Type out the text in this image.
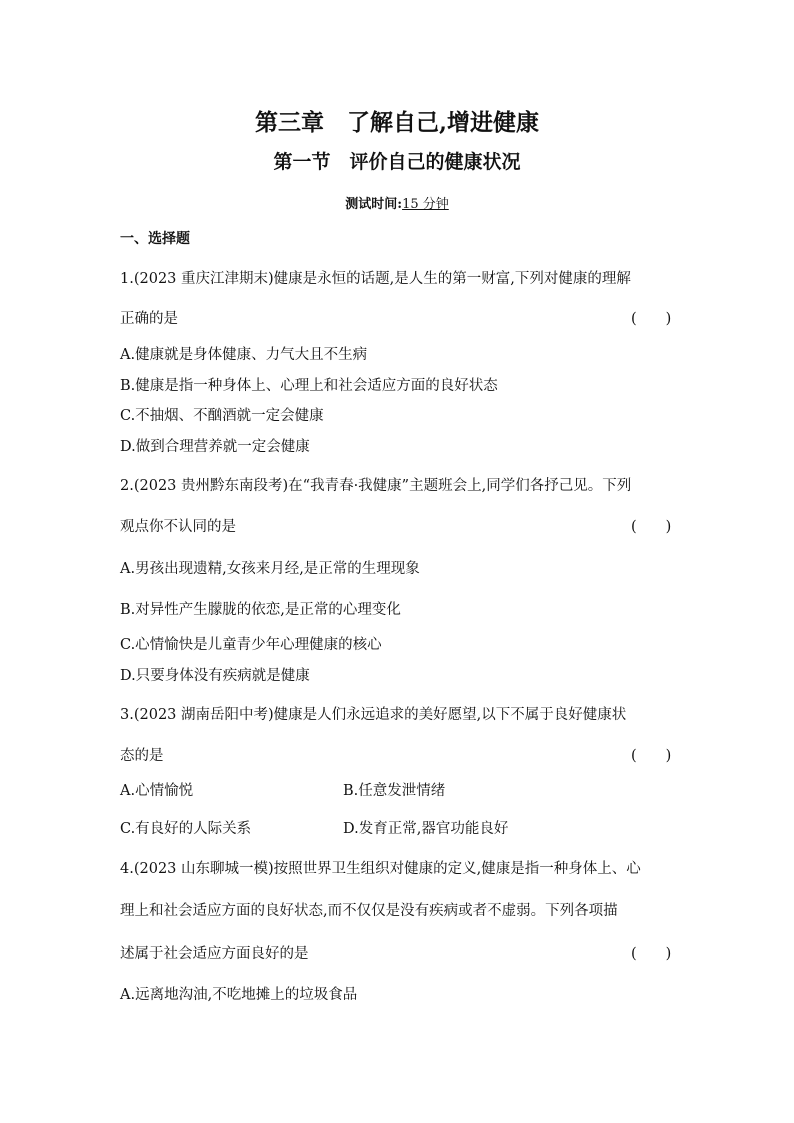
第三章　了解自己,增进健康
第一节　评价自己的健康状况
测试时间:15 分钟
一、选择题
1.(2023 重庆江津期末)健康是永恒的话题,是人生的第一财富,下列对健康的理解
正确的是	(　　)
A.健康就是身体健康、力气大且不生病
B.健康是指一种身体上、心理上和社会适应方面的良好状态
C.不抽烟、不酗酒就一定会健康
D.做到合理营养就一定会健康
2.(2023 贵州黔东南段考)在“我青春·我健康”主题班会上,同学们各抒己见。下列
观点你不认同的是	(　　)
A.男孩出现遗精,女孩来月经,是正常的生理现象
B.对异性产生朦胧的依恋,是正常的心理变化
C.心情愉快是儿童青少年心理健康的核心
D.只要身体没有疾病就是健康
3.(2023 湖南岳阳中考)健康是人们永远追求的美好愿望,以下不属于良好健康状
态的是	(　　)
A.心情愉悦	B.任意发泄情绪
C.有良好的人际关系	D.发育正常,器官功能良好
4.(2023 山东聊城一模)按照世界卫生组织对健康的定义,健康是指一种身体上、心
理上和社会适应方面的良好状态,而不仅仅是没有疾病或者不虚弱。下列各项描
述属于社会适应方面良好的是	(　　)
A.远离地沟油,不吃地摊上的垃圾食品
